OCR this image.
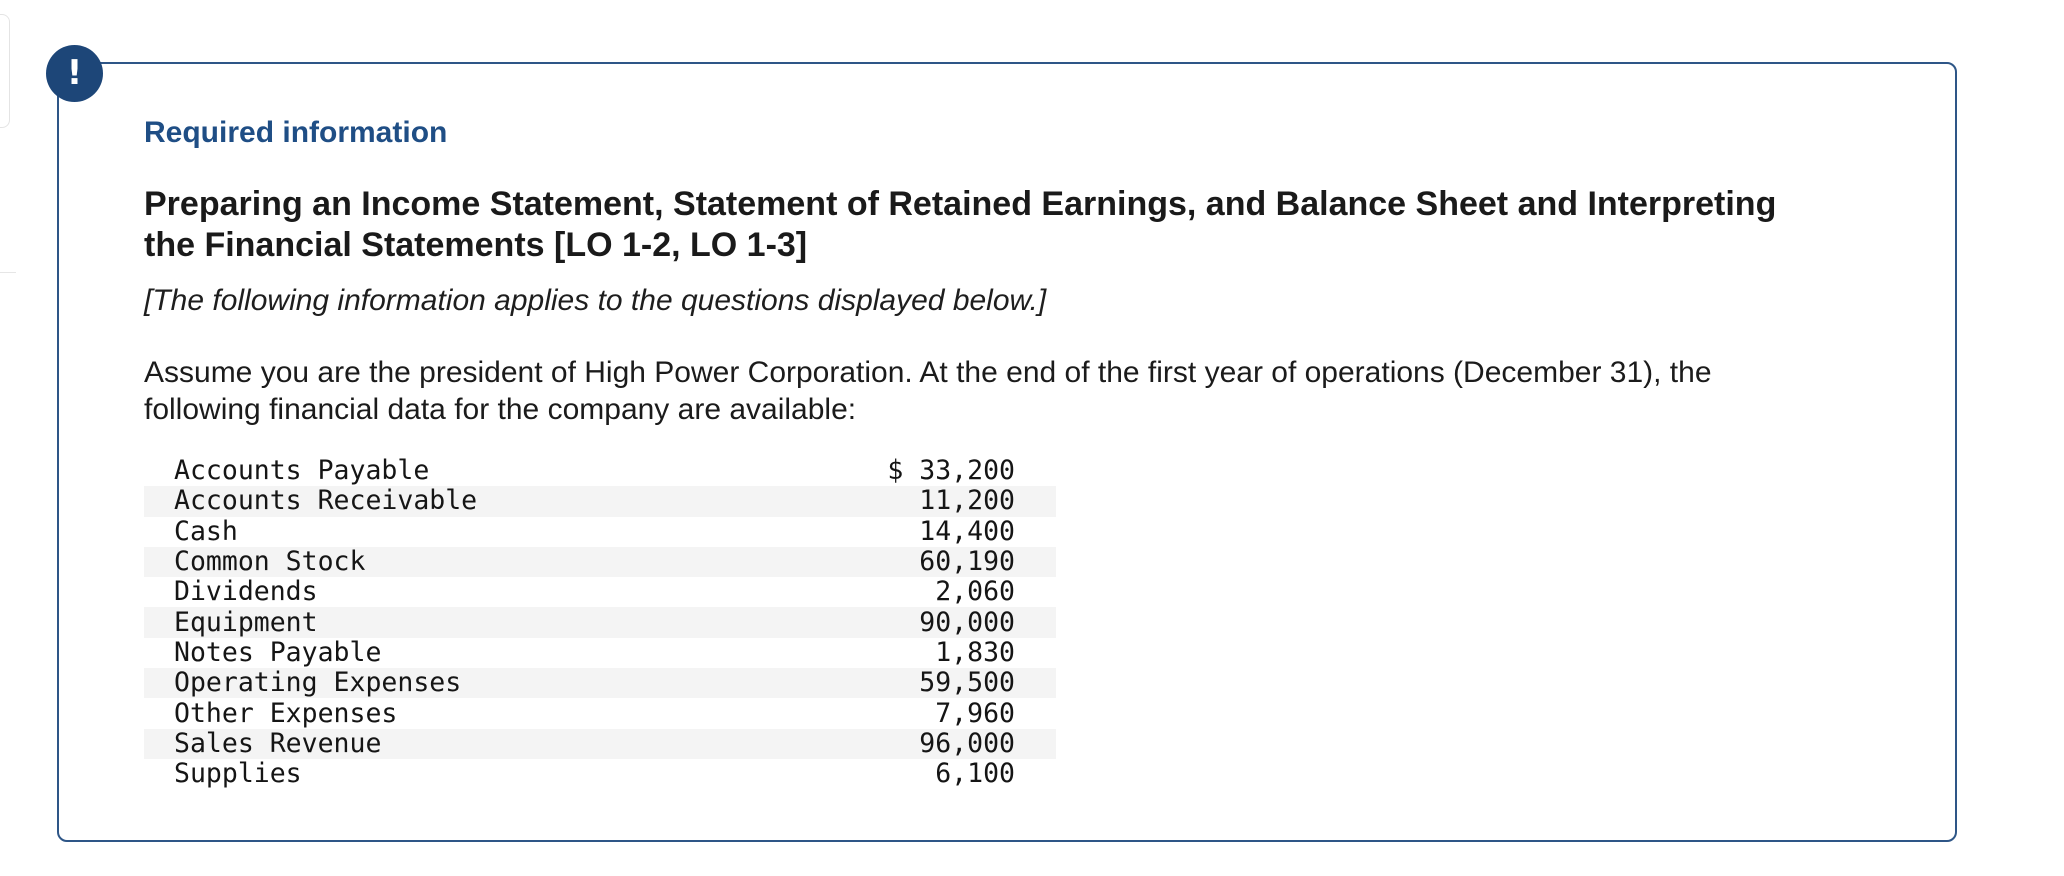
!

Required information

Preparing an Income Statement, Statement of Retained Earnings, and Balance Sheet and Interpreting the Financial Statements [LO 1-2, LO 1-3]

[The following information applies to the questions displayed below.]

Assume you are the president of High Power Corporation. At the end of the first year of operations (December 31), the following financial data for the company are available:

Accounts Payable	$ 33,200
Accounts Receivable	11,200
Cash	14,400
Common Stock	60,190
Dividends	2,060
Equipment	90,000
Notes Payable	1,830
Operating Expenses	59,500
Other Expenses	7,960
Sales Revenue	96,000
Supplies	6,100
